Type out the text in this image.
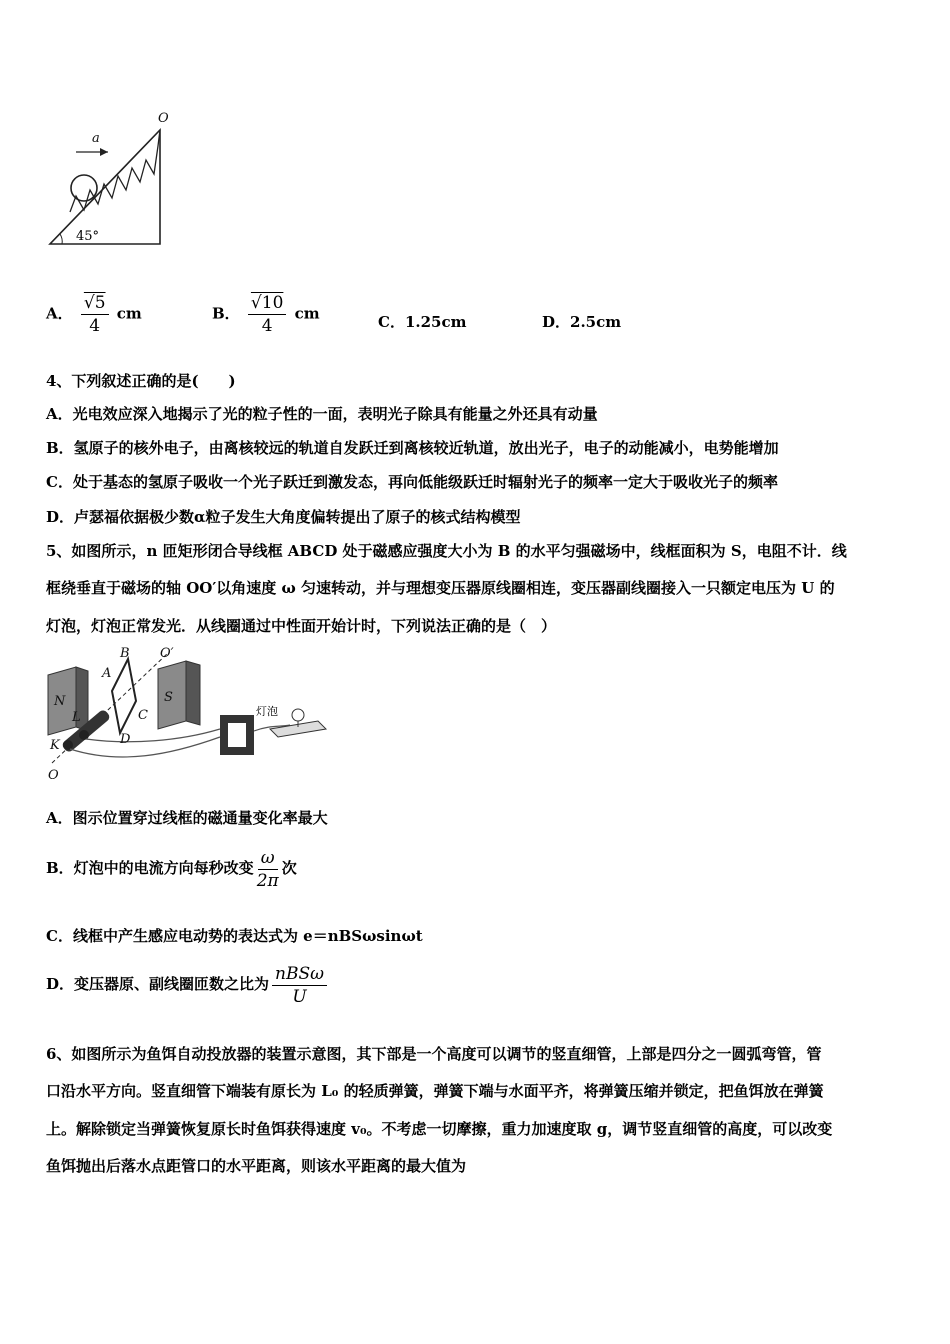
a
O
45°
A． $\frac{√5}{4}$ cm	B． $\frac{√10}{4}$ cm	C．1.25cm	D．2.5cm
4、下列叙述正确的是(　　)
A．光电效应深入地揭示了光的粒子性的一面，表明光子除具有能量之外还具有动量
B．氢原子的核外电子，由离核较远的轨道自发跃迁到离核较近轨道，放出光子，电子的动能减小，电势能增加
C．处于基态的氢原子吸收一个光子跃迁到激发态，再向低能级跃迁时辐射光子的频率一定大于吸收光子的频率
D．卢瑟福依据极少数α粒子发生大角度偏转提出了原子的核式结构模型
5、如图所示，n 匝矩形闭合导线框 ABCD 处于磁感应强度大小为 B 的水平匀强磁场中，线框面积为 S，电阻不计．线
框绕垂直于磁场的轴 OO′以角速度 ω 匀速转动，并与理想变压器原线圈相连，变压器副线圈接入一只额定电压为 U 的
灯泡，灯泡正常发光．从线圈通过中性面开始计时，下列说法正确的是（　）
N	S
A
B
C
D
K
L
O
O′
灯泡
A．图示位置穿过线框的磁通量变化率最大
B．灯泡中的电流方向每秒改变 $\frac{\omega}{2\pi}$ 次
C．线框中产生感应电动势的表达式为 e＝nBSωsinωt
D．变压器原、副线圈匝数之比为 $\frac{\text{nBSω}}{U}$
6、如图所示为鱼饵自动投放器的装置示意图，其下部是一个高度可以调节的竖直细管，上部是四分之一圆弧弯管，管
口沿水平方向。竖直细管下端装有原长为 L₀ 的轻质弹簧，弹簧下端与水面平齐，将弹簧压缩并锁定，把鱼饵放在弹簧
上。解除锁定当弹簧恢复原长时鱼饵获得速度 v₀。不考虑一切摩擦，重力加速度取 g，调节竖直细管的高度，可以改变
鱼饵抛出后落水点距管口的水平距离，则该水平距离的最大值为
